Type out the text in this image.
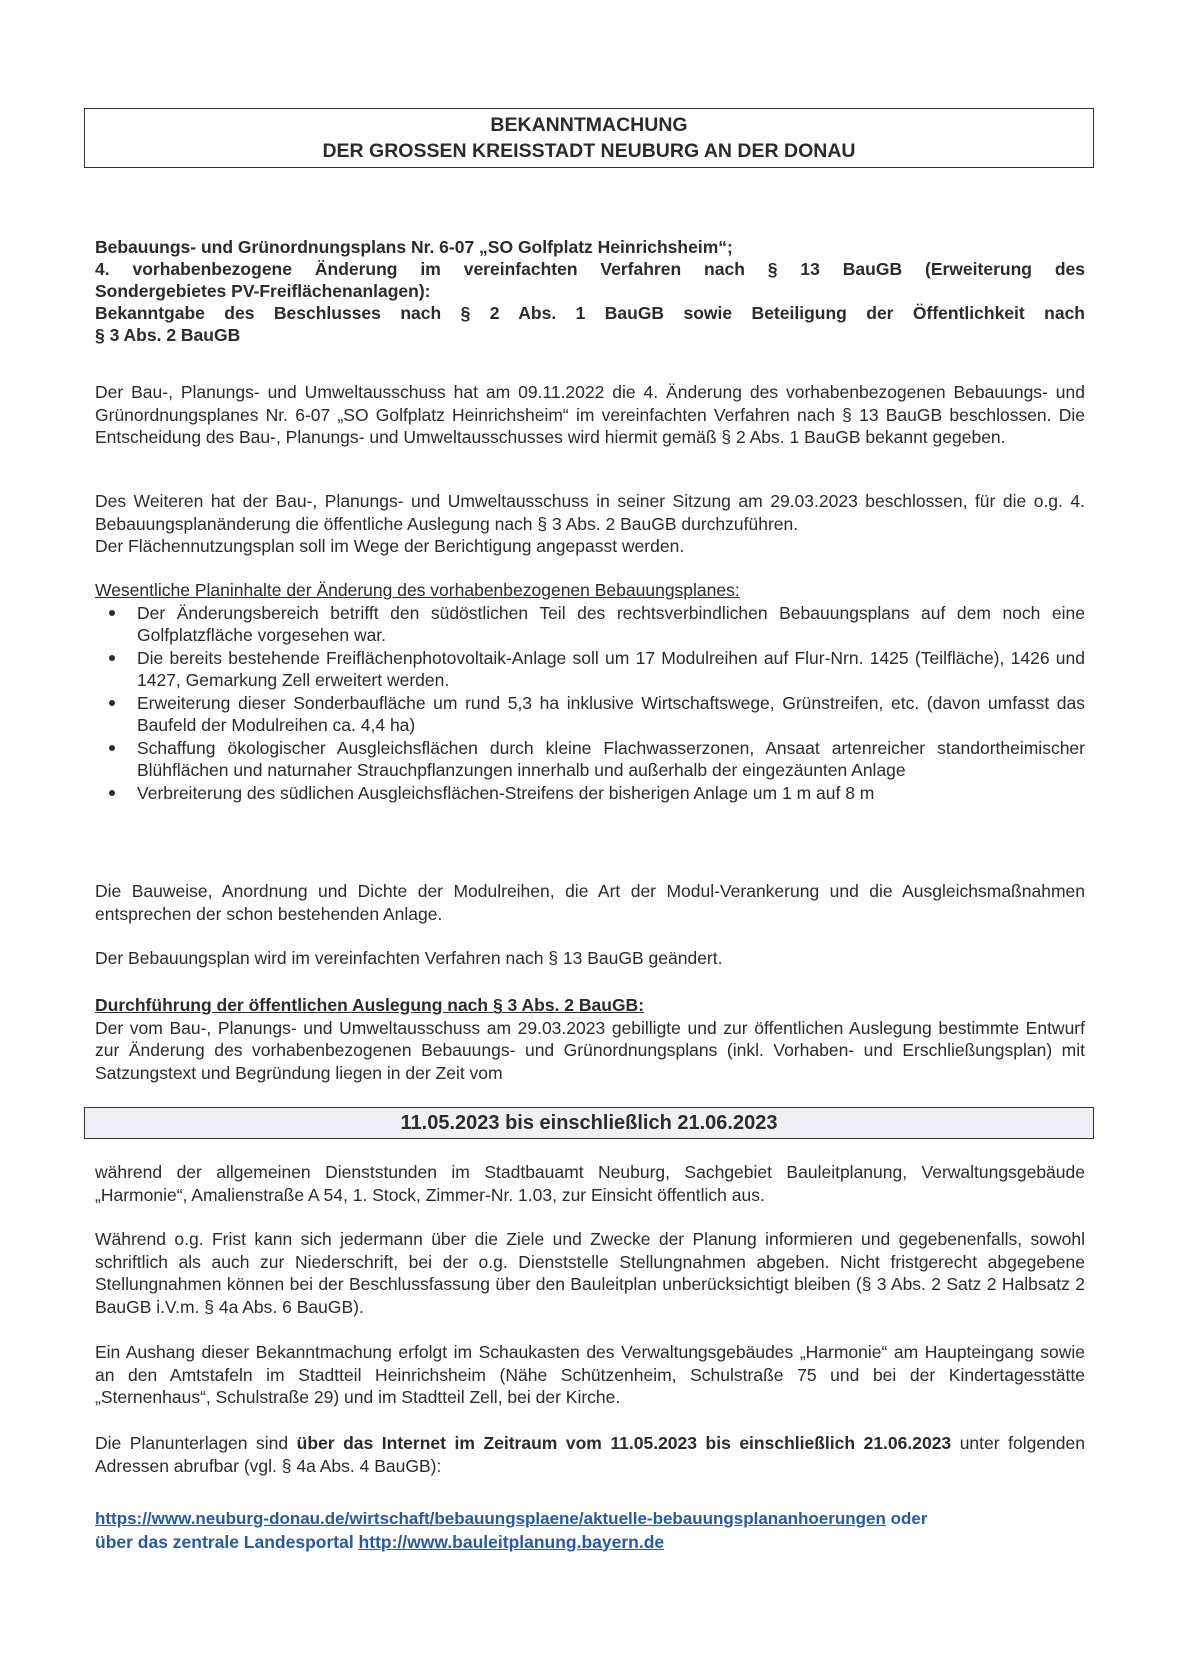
BEKANNTMACHUNG
DER GROSSEN KREISSTADT NEUBURG AN DER DONAU
Bebauungs- und Grünordnungsplans Nr. 6-07 „SO Golfplatz Heinrichsheim“;
4. vorhabenbezogene Änderung im vereinfachten Verfahren nach § 13 BauGB (Erweiterung des
Sondergebietes PV-Freiflächenanlagen):
Bekanntgabe des Beschlusses nach § 2 Abs. 1 BauGB sowie Beteiligung der Öffentlichkeit nach
§ 3 Abs. 2 BauGB
Der Bau-, Planungs- und Umweltausschuss hat am 09.11.2022 die 4. Änderung des vorhabenbezogenen Bebauungs- und Grünordnungsplanes Nr. 6-07 „SO Golfplatz Heinrichsheim“ im vereinfachten Verfahren nach § 13 BauGB beschlossen. Die Entscheidung des Bau-, Planungs- und Umweltausschusses wird hiermit gemäß § 2 Abs. 1 BauGB bekannt gegeben.
Des Weiteren hat der Bau-, Planungs- und Umweltausschuss in seiner Sitzung am 29.03.2023 beschlossen, für die o.g. 4. Bebauungsplanänderung die öffentliche Auslegung nach § 3 Abs. 2 BauGB durchzuführen.
Der Flächennutzungsplan soll im Wege der Berichtigung angepasst werden.
Wesentliche Planinhalte der Änderung des vorhabenbezogenen Bebauungsplanes:
Der Änderungsbereich betrifft den südöstlichen Teil des rechtsverbindlichen Bebauungsplans auf dem noch eine Golfplatzfläche vorgesehen war.
Die bereits bestehende Freiflächenphotovoltaik-Anlage soll um 17 Modulreihen auf Flur-Nrn. 1425 (Teilfläche), 1426 und 1427, Gemarkung Zell erweitert werden.
Erweiterung dieser Sonderbaufläche um rund 5,3 ha inklusive Wirtschaftswege, Grünstreifen, etc. (davon umfasst das Baufeld der Modulreihen ca. 4,4 ha)
Schaffung ökologischer Ausgleichsflächen durch kleine Flachwasserzonen, Ansaat artenreicher standortheimischer Blühflächen und naturnaher Strauchpflanzungen innerhalb und außerhalb der eingezäunten Anlage
Verbreiterung des südlichen Ausgleichsflächen-Streifens der bisherigen Anlage um 1 m auf 8 m
Die Bauweise, Anordnung und Dichte der Modulreihen, die Art der Modul-Verankerung und die Ausgleichsmaßnahmen entsprechen der schon bestehenden Anlage.
Der Bebauungsplan wird im vereinfachten Verfahren nach § 13 BauGB geändert.
Durchführung der öffentlichen Auslegung nach § 3 Abs. 2 BauGB:
Der vom Bau-, Planungs- und Umweltausschuss am 29.03.2023 gebilligte und zur öffentlichen Auslegung bestimmte Entwurf zur Änderung des vorhabenbezogenen Bebauungs- und Grünordnungsplans (inkl. Vorhaben- und Erschließungsplan) mit Satzungstext und Begründung liegen in der Zeit vom
11.05.2023 bis einschließlich 21.06.2023
während der allgemeinen Dienststunden im Stadtbauamt Neuburg, Sachgebiet Bauleitplanung, Verwaltungsgebäude „Harmonie“, Amalienstraße A 54, 1. Stock, Zimmer-Nr. 1.03, zur Einsicht öffentlich aus.
Während o.g. Frist kann sich jedermann über die Ziele und Zwecke der Planung informieren und gegebenenfalls, sowohl schriftlich als auch zur Niederschrift, bei der o.g. Dienststelle Stellungnahmen abgeben. Nicht fristgerecht abgegebene Stellungnahmen können bei der Beschlussfassung über den Bauleitplan unberücksichtigt bleiben (§ 3 Abs. 2 Satz 2 Halbsatz 2 BauGB i.V.m. § 4a Abs. 6 BauGB).
Ein Aushang dieser Bekanntmachung erfolgt im Schaukasten des Verwaltungsgebäudes „Harmonie“ am Haupteingang sowie an den Amtstafeln im Stadtteil Heinrichsheim (Nähe Schützenheim, Schulstraße 75 und bei der Kindertagesstätte „Sternenhaus“, Schulstraße 29) und im Stadtteil Zell, bei der Kirche.
Die Planunterlagen sind über das Internet im Zeitraum vom 11.05.2023 bis einschließlich 21.06.2023 unter folgenden Adressen abrufbar (vgl. § 4a Abs. 4 BauGB):
https://www.neuburg-donau.de/wirtschaft/bebauungsplaene/aktuelle-bebauungsplananhoerungen oder
über das zentrale Landesportal http://www.bauleitplanung.bayern.de
